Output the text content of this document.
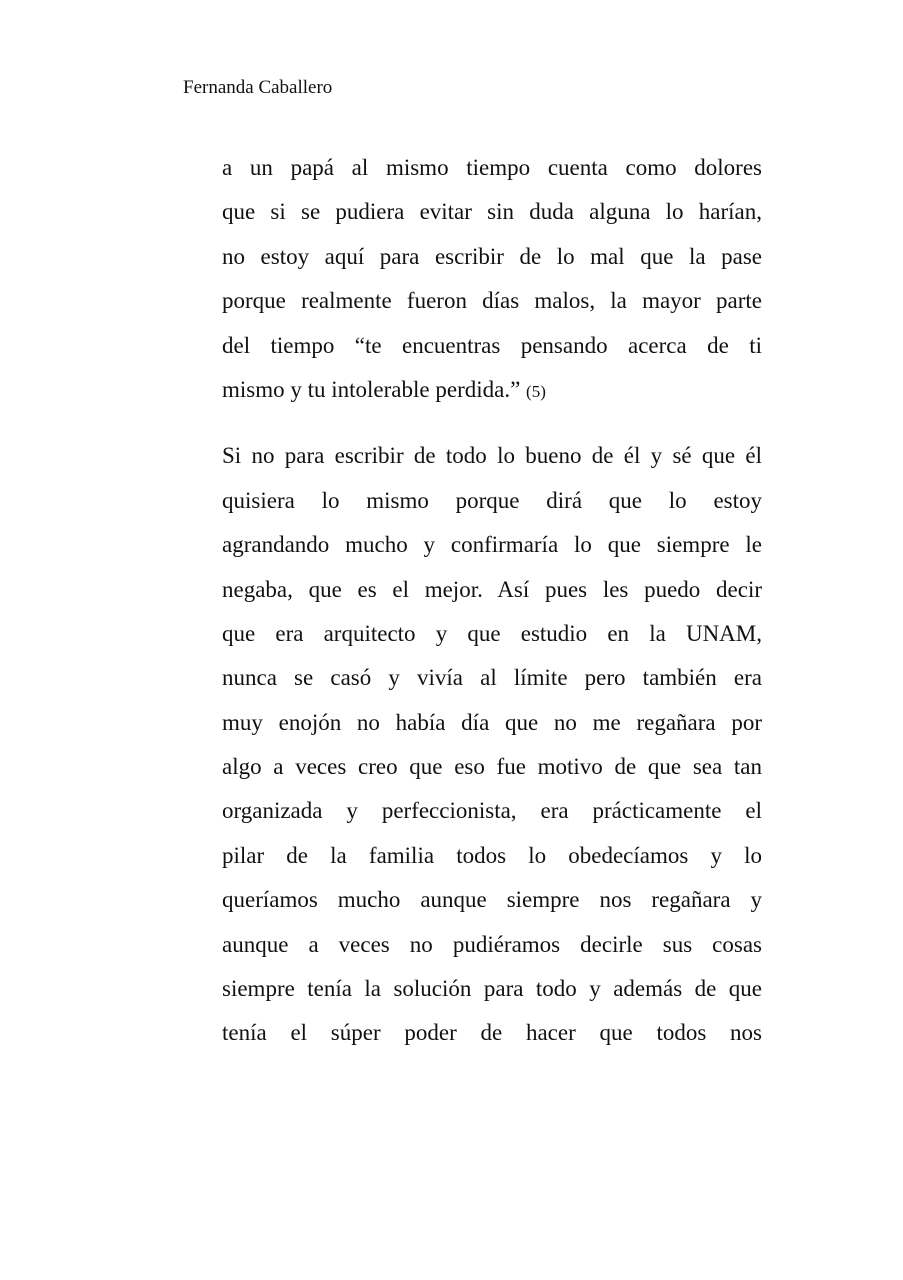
Fernanda Caballero
a un papá al mismo tiempo cuenta como dolores
que si se pudiera evitar sin duda alguna lo harían,
no estoy aquí para escribir de lo mal que la pase
porque realmente fueron días malos, la mayor parte
del tiempo “te encuentras pensando acerca de ti
mismo y tu intolerable perdida.” (5)
Si no para escribir de todo lo bueno de él y sé que él
quisiera lo mismo porque dirá que lo estoy
agrandando mucho y confirmaría lo que siempre le
negaba, que es el mejor. Así pues les puedo decir
que era arquitecto y que estudio en la UNAM,
nunca se casó y vivía al límite pero también era
muy enojón no había día que no me regañara por
algo a veces creo que eso fue motivo de que sea tan
organizada y perfeccionista, era prácticamente el
pilar de la familia todos lo obedecíamos y lo
queríamos mucho aunque siempre nos regañara y
aunque a veces no pudiéramos decirle sus cosas
siempre tenía la solución para todo y además de que
tenía el súper poder de hacer que todos nos
